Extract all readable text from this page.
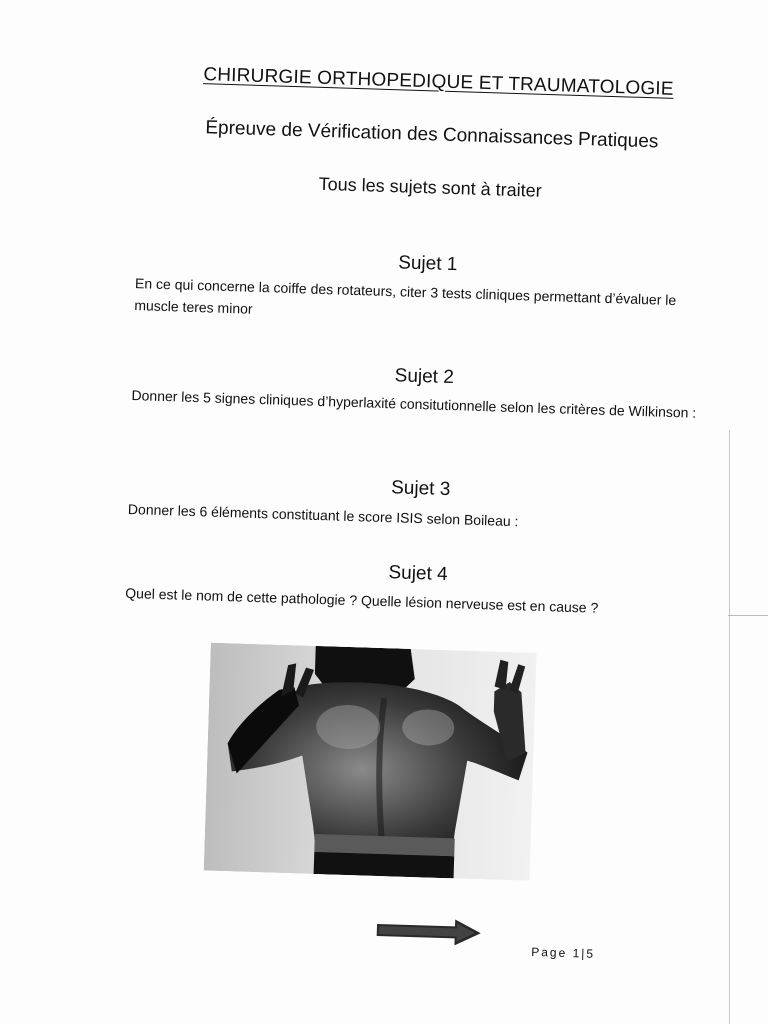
CHIRURGIE ORTHOPEDIQUE ET TRAUMATOLOGIE
Épreuve de Vérification des Connaissances Pratiques
Tous les sujets sont à traiter
Sujet 1
En ce qui concerne la coiffe des rotateurs, citer 3 tests cliniques permettant d’évaluer le muscle teres minor
Sujet 2
Donner les 5 signes cliniques d’hyperlaxité consitutionnelle selon les critères de Wilkinson :
Sujet 3
Donner les 6 éléments constituant le score ISIS selon Boileau :
Sujet 4
Quel est le nom de cette pathologie ? Quelle lésion nerveuse est en cause ?
Page 1|5
